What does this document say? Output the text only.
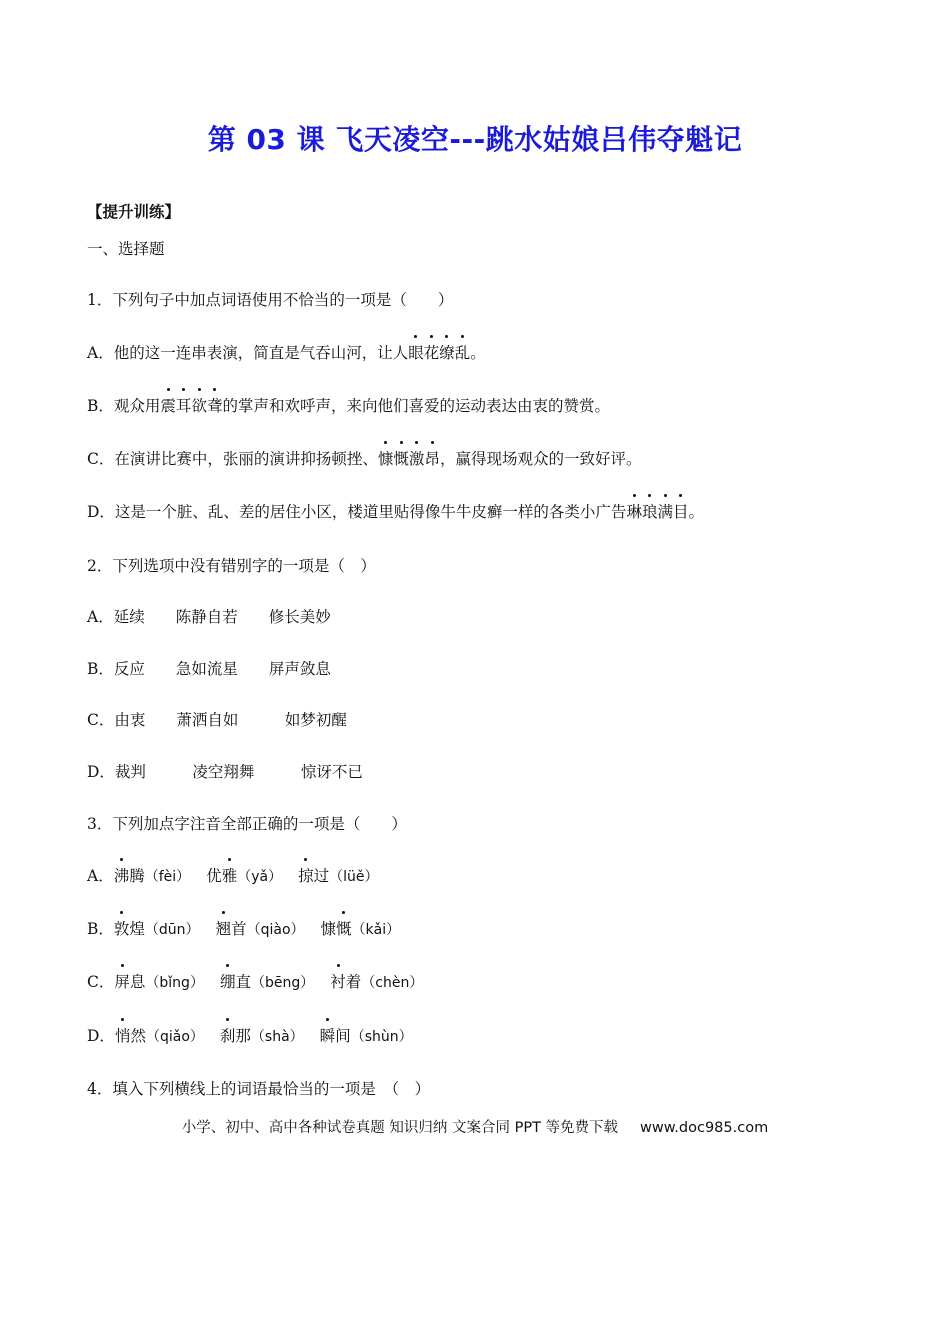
第 03 课 飞天凌空---跳水姑娘吕伟夺魁记
【提升训练】
一、选择题
1．下列句子中加点词语使用不恰当的一项是（　　）
A．他的这一连串表演，简直是气吞山河，让人眼
花
缭
乱
。
B．观众用震
耳
欲
聋
的掌声和欢呼声，来向他们喜爱的运动表达由衷的赞赏。
C．在演讲比赛中，张丽的演讲抑扬顿挫、慷
慨
激
昂
，赢得现场观众的一致好评。
D．这是一个脏、乱、差的居住小区，楼道里贴得像牛牛皮癣一样的各类小广告琳
琅
满
目
。
2．下列选项中没有错别字的一项是（　）
A．延续　　陈静自若　　修长美妙
B．反应　　急如流星　　屏声敛息
C．由衷　　萧洒自如　　　如梦初醒
D．裁判　　　凌空翔舞　　　惊讶不已
3．下列加点字注音全部正确的一项是（　　）
A．沸
腾（fèi） 优雅
（yǎ） 掠
过（lüě）
B．敦
煌（dūn） 翘
首（qiào） 慷慨
（kǎi）
C．屏
息（bǐng） 绷
直（bēng） 衬
着（chèn）
D．悄
然（qiǎo） 刹
那（shà） 瞬
间（shùn）
4．填入下列横线上的词语最恰当的一项是　（　）
小学、初中、高中各种试卷真题 知识归纳 文案合同 PPT 等免费下载 www.doc985.com
